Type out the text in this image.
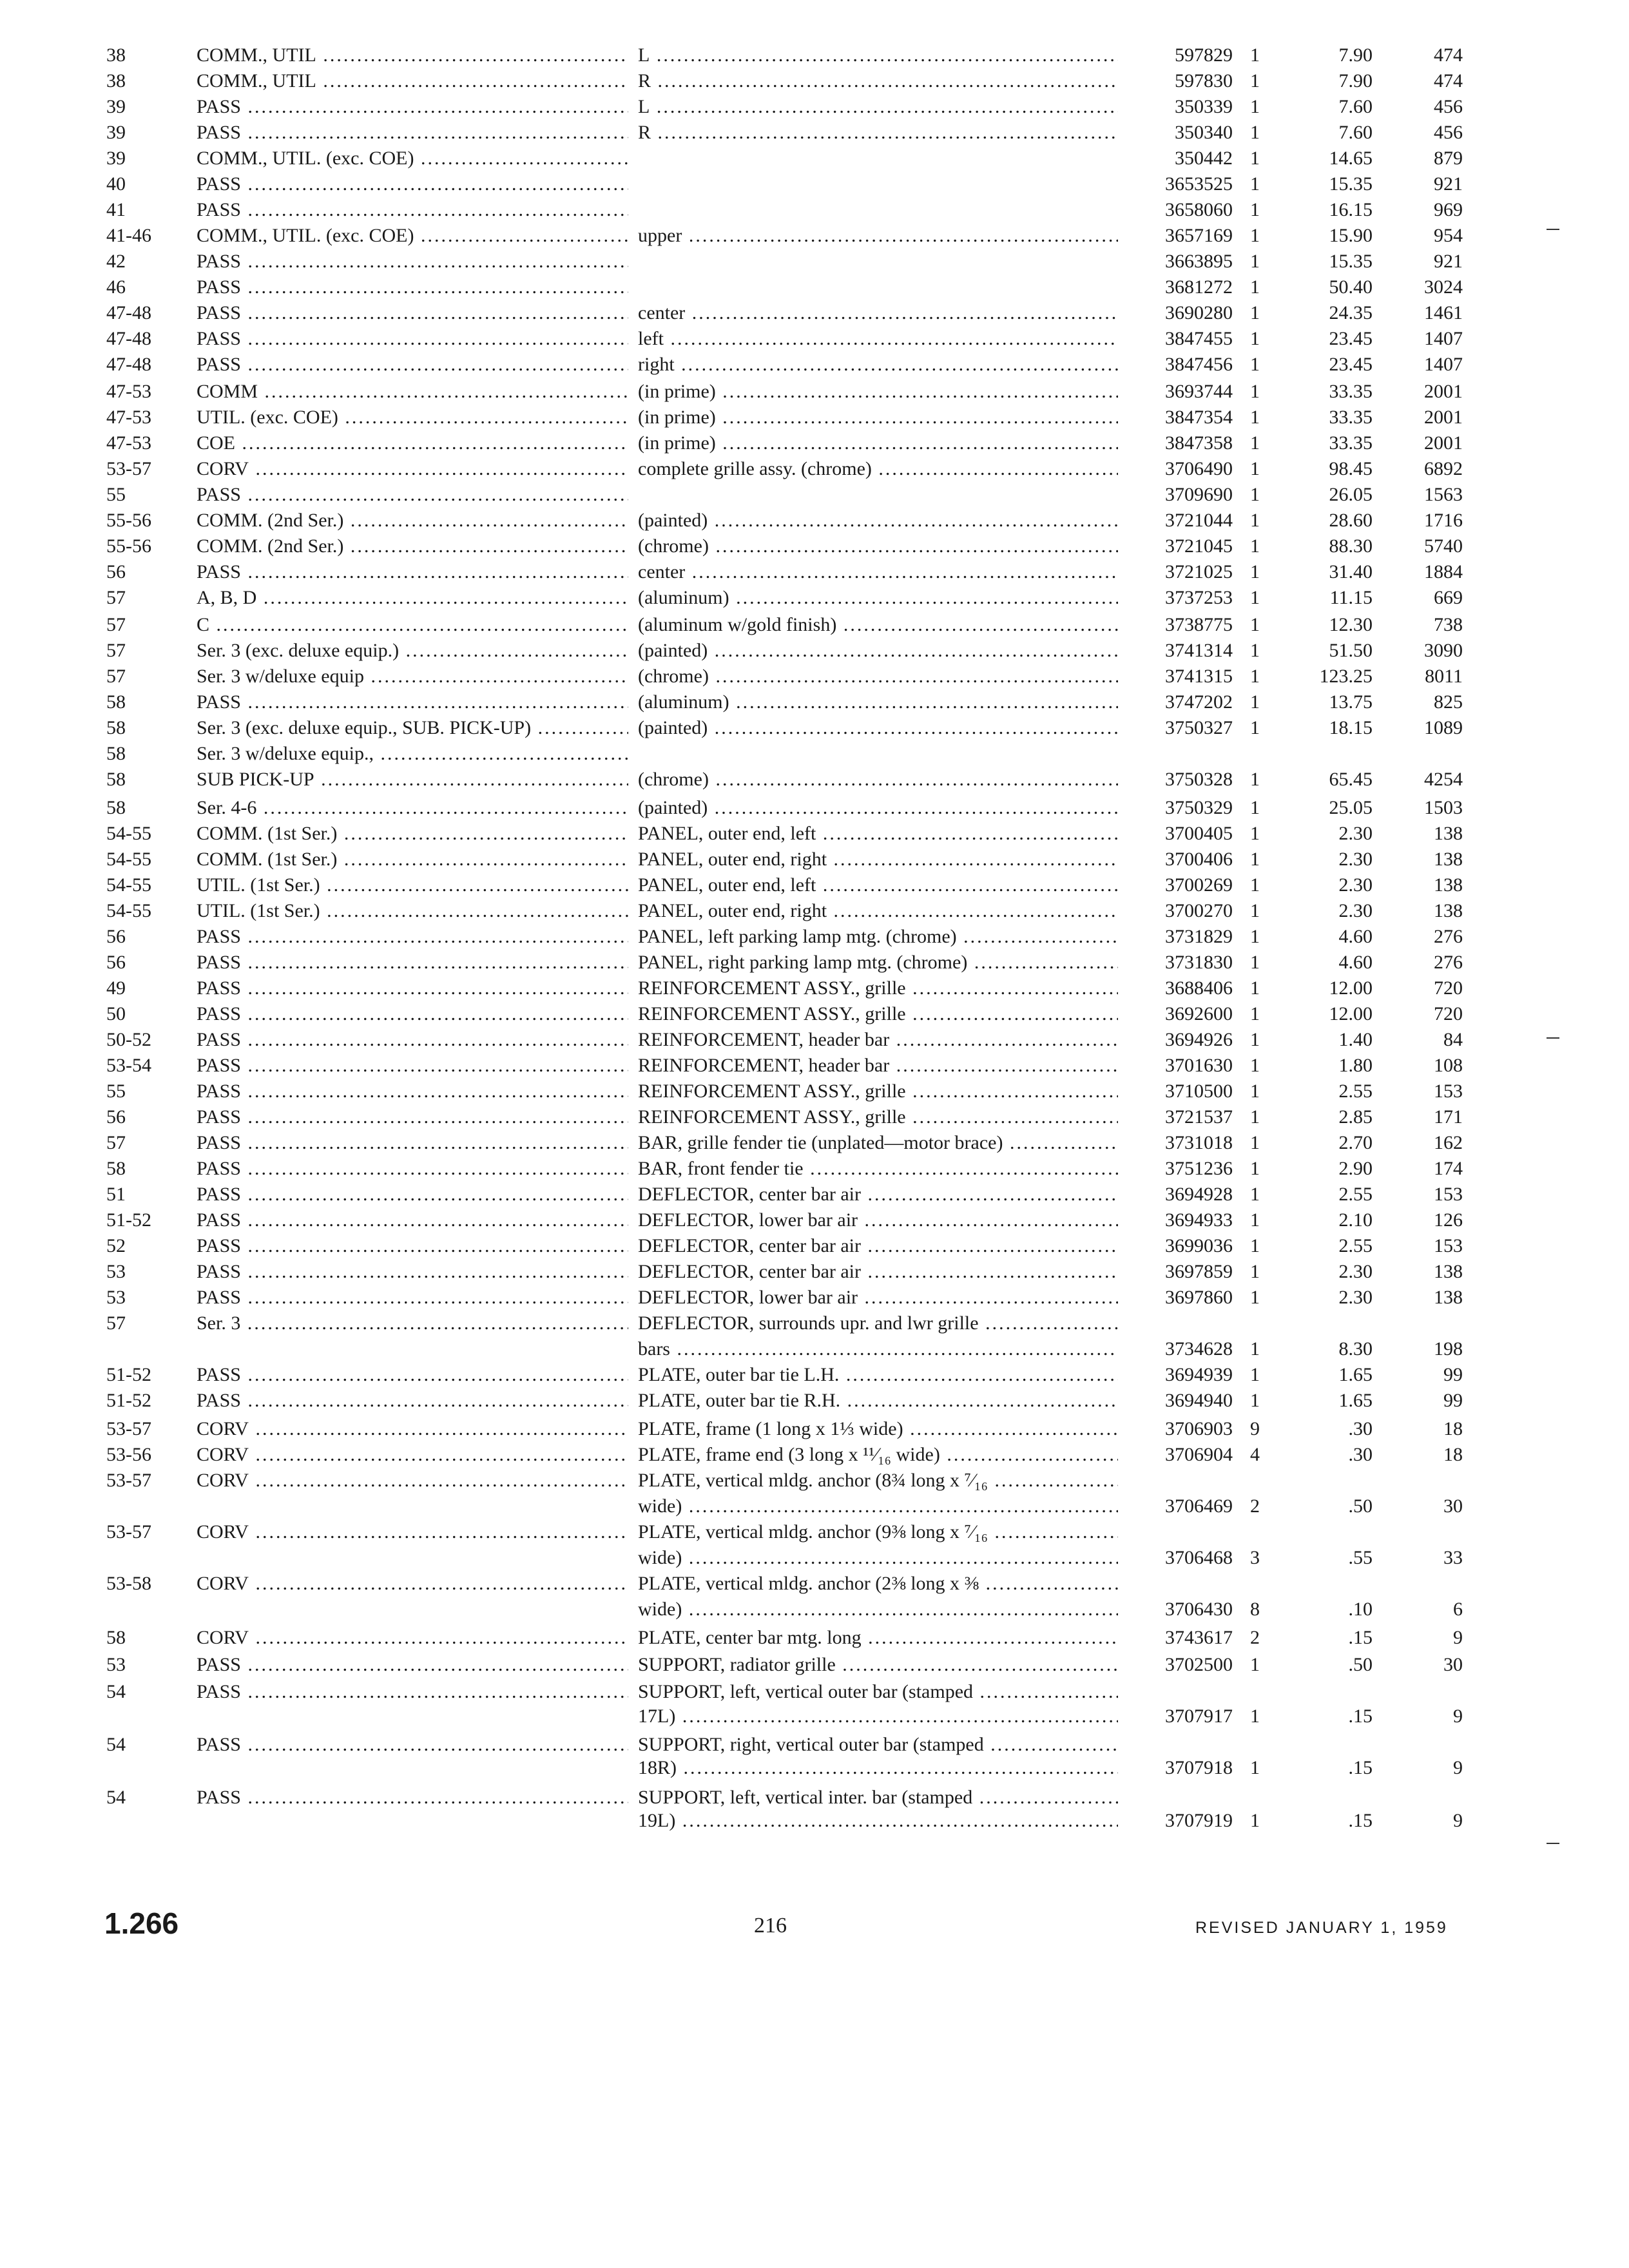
38	COMM., UTIL .....	L .....	597829 1	7.90	474
38	COMM., UTIL .....	R .....	597830 1	7.90	474
39	PASS .....	L .....	350339 1	7.60	456
39	PASS .....	R .....	350340 1	7.60	456
39	COMM., UTIL. (exc. COE) .....	350442 1	14.65	879
40	PASS .....	3653525 1	15.35	921
41	PASS .....	3658060 1	16.15	969
41-46	COMM., UTIL. (exc. COE) .....	upper .....	3657169 1	15.90	954
42	PASS .....	3663895 1	15.35	921
46	PASS .....	3681272 1	50.40	3024
47-48	PASS .....	center .....	3690280 1	24.35	1461
47-48	PASS .....	left .....	3847455 1	23.45	1407
47-48	PASS .....	right .....	3847456 1	23.45	1407
47-53	COMM .....	(in prime) .....	3693744 1	33.35	2001
47-53	UTIL. (exc. COE) .....	(in prime) .....	3847354 1	33.35	2001
47-53	COE .....	(in prime) .....	3847358 1	33.35	2001
53-57	CORV .....	complete grille assy. (chrome) .....	3706490 1	98.45	6892
55	PASS .....	3709690 1	26.05	1563
55-56	COMM. (2nd Ser.) .....	(painted) .....	3721044 1	28.60	1716
55-56	COMM. (2nd Ser.) .....	(chrome) .....	3721045 1	88.30	5740
56	PASS .....	center .....	3721025 1	31.40	1884
57	A, B, D .....	(aluminum) .....	3737253 1	11.15	669
57	C .....	(aluminum w/gold finish) .....	3738775 1	12.30	738
57	Ser. 3 (exc. deluxe equip.) .....	(painted) .....	3741314 1	51.50	3090
57	Ser. 3 w/deluxe equip .....	(chrome) .....	3741315 1	123.25	8011
58	PASS .....	(aluminum) .....	3747202 1	13.75	825
58	Ser. 3 (exc. deluxe equip., SUB. PICK-UP) .....	(painted) .....	3750327 1	18.15	1089
58	Ser. 3 w/deluxe equip., .....
58	SUB PICK-UP .....	(chrome) .....	3750328 1	65.45	4254
58	Ser. 4-6 .....	(painted) .....	3750329 1	25.05	1503
54-55	COMM. (1st Ser.) .....	PANEL, outer end, left .....	3700405 1	2.30	138
54-55	COMM. (1st Ser.) .....	PANEL, outer end, right .....	3700406 1	2.30	138
54-55	UTIL. (1st Ser.) .....	PANEL, outer end, left .....	3700269 1	2.30	138
54-55	UTIL. (1st Ser.) .....	PANEL, outer end, right .....	3700270 1	2.30	138
56	PASS .....	PANEL, left parking lamp mtg. (chrome) .....	3731829 1	4.60	276
56	PASS .....	PANEL, right parking lamp mtg. (chrome) .....	3731830 1	4.60	276
49	PASS .....	REINFORCEMENT ASSY., grille .....	3688406 1	12.00	720
50	PASS .....	REINFORCEMENT ASSY., grille .....	3692600 1	12.00	720
50-52	PASS .....	REINFORCEMENT, header bar .....	3694926 1	1.40	84
53-54	PASS .....	REINFORCEMENT, header bar .....	3701630 1	1.80	108
55	PASS .....	REINFORCEMENT ASSY., grille .....	3710500 1	2.55	153
56	PASS .....	REINFORCEMENT ASSY., grille .....	3721537 1	2.85	171
57	PASS .....	BAR, grille fender tie (unplated—motor brace) .....	3731018 1	2.70	162
58	PASS .....	BAR, front fender tie .....	3751236 1	2.90	174
51	PASS .....	DEFLECTOR, center bar air .....	3694928 1	2.55	153
51-52	PASS .....	DEFLECTOR, lower bar air .....	3694933 1	2.10	126
52	PASS .....	DEFLECTOR, center bar air .....	3699036 1	2.55	153
53	PASS .....	DEFLECTOR, center bar air .....	3697859 1	2.30	138
53	PASS .....	DEFLECTOR, lower bar air .....	3697860 1	2.30	138
57	Ser. 3 .....	DEFLECTOR, surrounds upr. and lwr grille .....
bars .....	3734628 1	8.30	198
51-52	PASS .....	PLATE, outer bar tie L.H. .....	3694939 1	1.65	99
51-52	PASS .....	PLATE, outer bar tie R.H. .....	3694940 1	1.65	99
53-57	CORV .....	PLATE, frame (1 long x 1⅓ wide) .....	3706903 9	.30	18
53-56	CORV .....	PLATE, frame end (3 long x ¹¹⁄₁₆ wide) .....	3706904 4	.30	18
53-57	CORV .....	PLATE, vertical mldg. anchor (8¾ long x ⁷⁄₁₆ .....
wide) .....	3706469 2	.50	30
53-57	CORV .....	PLATE, vertical mldg. anchor (9⅜ long x ⁷⁄₁₆ .....
wide) .....	3706468 3	.55	33
53-58	CORV .....	PLATE, vertical mldg. anchor (2⅜ long x ⅜ .....
wide) .....	3706430 8	.10	6
58	CORV .....	PLATE, center bar mtg. long .....	3743617 2	.15	9
53	PASS .....	SUPPORT, radiator grille .....	3702500 1	.50	30
54	PASS .....	SUPPORT, left, vertical outer bar (stamped .....
17L) .....	3707917 1	.15	9
54	PASS .....	SUPPORT, right, vertical outer bar (stamped .....
18R) .....	3707918 1	.15	9
54	PASS .....	SUPPORT, left, vertical inter. bar (stamped .....
19L) .....	3707919 1	.15	9
1.266	216	REVISED JANUARY 1, 1959
